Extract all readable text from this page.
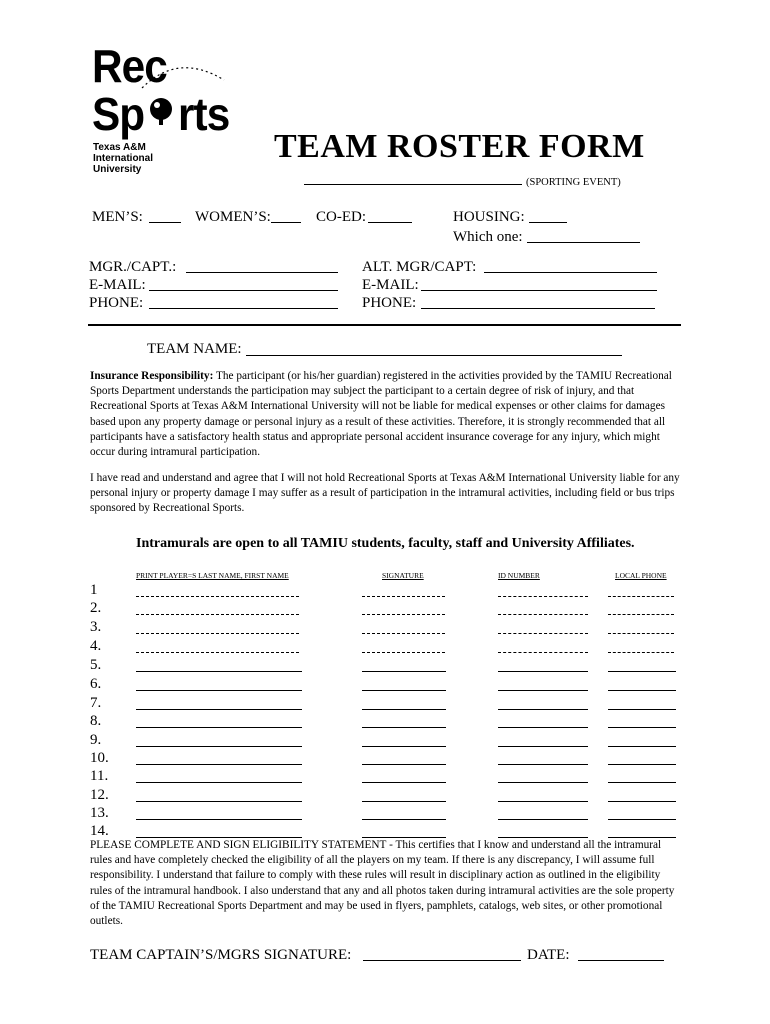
Rec
Sp rts
Texas A&M International University
TEAM ROSTER FORM
(SPORTING EVENT)
MEN’S:	WOMEN’S:	CO-ED:	HOUSING:
Which one:
MGR./CAPT.:
E-MAIL:
PHONE:
ALT. MGR/CAPT:
E-MAIL:
PHONE:
TEAM NAME:
Insurance Responsibility: The participant (or his/her guardian) registered in the activities provided by the TAMIU Recreational Sports Department understands the participation may subject the participant to a certain degree of risk of injury, and that Recreational Sports at Texas A&M International University will not be liable for medical expenses or other claims for damages based upon any property damage or personal injury as a result of these activities. Therefore, it is strongly recommended that all participants have a satisfactory health status and appropriate personal accident insurance coverage for any injury, which might occur during intramural participation.
I have read and understand and agree that I will not hold Recreational Sports at Texas A&M International University liable for any personal injury or property damage I may suffer as a result of participation in the intramural activities, including field or bus trips sponsored by Recreational Sports.
Intramurals are open to all TAMIU students, faculty, staff and University Affiliates.
PRINT PLAYER=S LAST NAME, FIRST NAME	SIGNATURE	ID NUMBER	LOCAL PHONE
1
2.
3.
4.
5.
6.
7.
8.
9.
10.
11.
12.
13.
14.
PLEASE COMPLETE AND SIGN ELIGIBILITY STATEMENT - This certifies that I know and understand all the intramural rules and have completely checked the eligibility of all the players on my team. If there is any discrepancy, I will assume full responsibility. I understand that failure to comply with these rules will result in disciplinary action as outlined in the eligibility rules of the intramural handbook. I also understand that any and all photos taken during intramural activities are the sole property of the TAMIU Recreational Sports Department and may be used in flyers, pamphlets, catalogs, web sites, or other promotional outlets.
TEAM CAPTAIN’S/MGRS SIGNATURE:	DATE:
